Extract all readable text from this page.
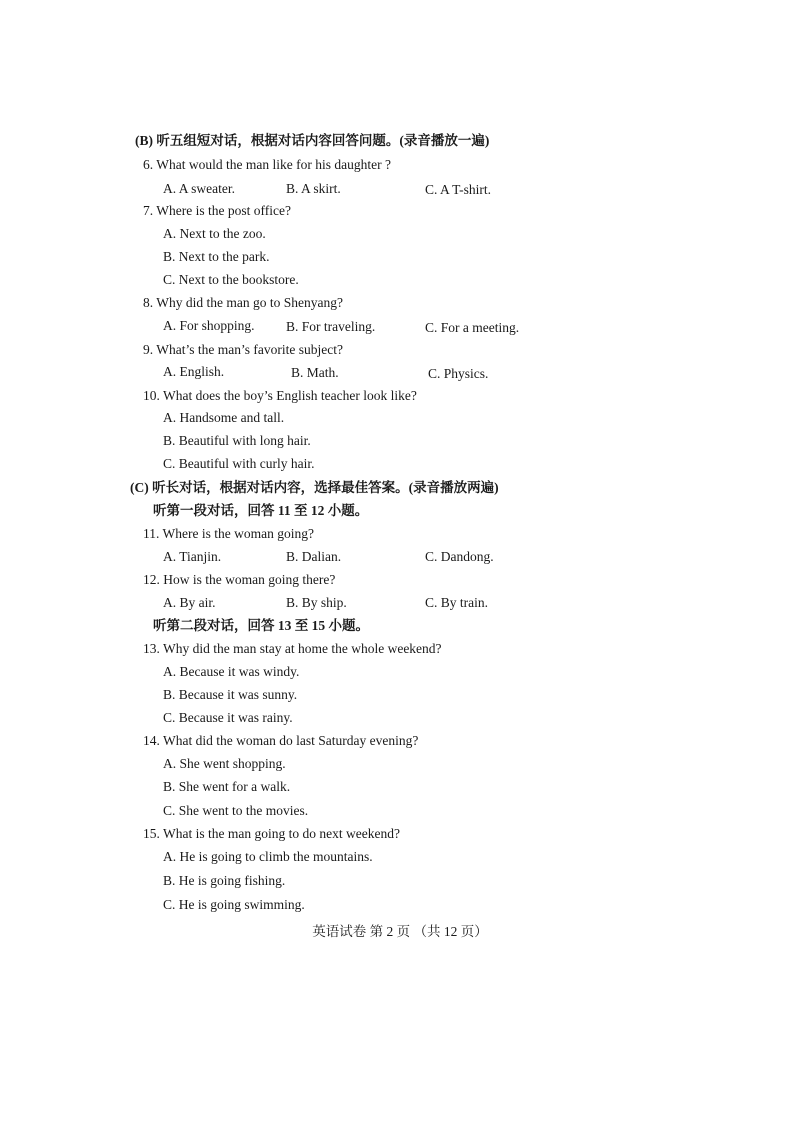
(B) 听五组短对话，根据对话内容回答问题。(录音播放一遍)
6. What would the man like for his daughter ?
A. A sweater.	B. A skirt.	C. A T-shirt.
7. Where is the post office?
A. Next to the zoo.
B. Next to the park.
C. Next to the bookstore.
8. Why did the man go to Shenyang?
A. For shopping. B. For traveling.	C. For a meeting.
9. What’s the man’s favorite subject?
A. English.	B. Math.	C. Physics.
10. What does the boy’s English teacher look like?
A. Handsome and tall.
B. Beautiful with long hair.
C. Beautiful with curly hair.
(C) 听长对话，根据对话内容，选择最佳答案。(录音播放两遍)
听第一段对话，回答 11 至 12 小题。
11. Where is the woman going?
A. Tianjin.	B. Dalian.	C. Dandong.
12. How is the woman going there?
A. By air.	B. By ship.	C. By train.
听第二段对话，回答 13 至 15 小题。
13. Why did the man stay at home the whole weekend?
A. Because it was windy.
B. Because it was sunny.
C. Because it was rainy.
14. What did the woman do last Saturday evening?
A. She went shopping.
B. She went for a walk.
C. She went to the movies.
15. What is the man going to do next weekend?
A. He is going to climb the mountains.
B. He is going fishing.
C. He is going swimming.
英语试卷 第 2 页 （共 12 页）
